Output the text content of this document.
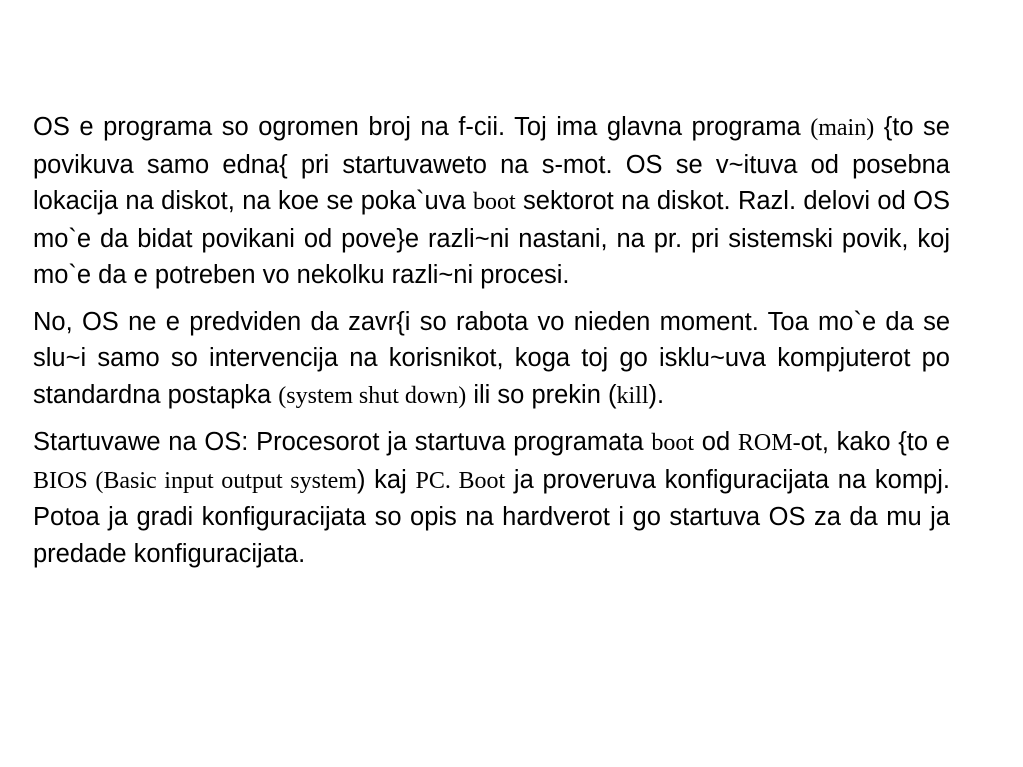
OS e programa so ogromen broj na f-cii. Toj ima glavna programa (main) {to se povikuva samo edna{ pri startuvaweto na s-mot. OS se v~ituva od posebna lokacija na diskot, na koe se poka`uva boot sektorot na diskot. Razl. delovi od OS mo`e da bidat povikani od pove}e razli~ni nastani, na pr. pri sistemski povik, koj mo`e da e potreben vo nekolku razli~ni procesi.

No, OS ne e predviden da zavr{i so rabota vo nieden moment. Toa mo`e da se slu~i samo so intervencija na korisnikot, koga toj go isklu~uva kompjuterot po standardna postapka (system shut down) ili so prekin (kill).

Startuvawe na OS: Procesorot ja startuva programata boot od ROM-ot, kako {to e BIOS (Basic input output system) kaj PC. Boot ja proveruva konfiguracijata na kompj. Potoa ja gradi konfiguracijata so opis na hardverot i go startuva OS za da mu ja predade konfiguracijata.
